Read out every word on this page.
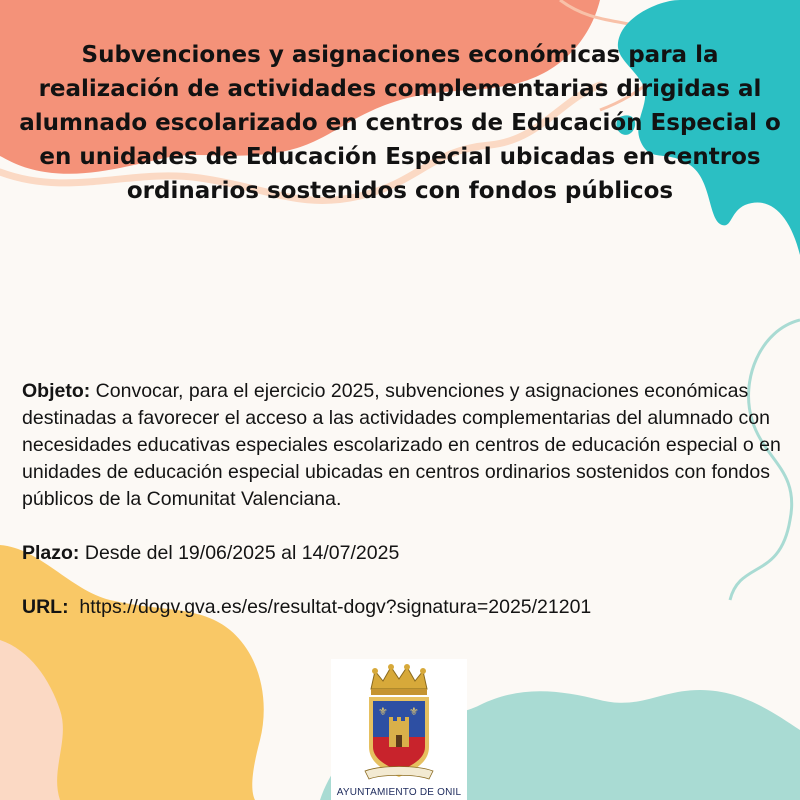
Subvenciones y asignaciones económicas para la realización de actividades complementarias dirigidas al alumnado escolarizado en centros de Educación Especial o en unidades de Educación Especial ubicadas en centros ordinarios sostenidos con fondos públicos

Objeto: Convocar, para el ejercicio 2025, subvenciones y asignaciones económicas destinadas a favorecer el acceso a las actividades complementarias del alumnado con necesidades educativas especiales escolarizado en centros de educación especial o en unidades de educación especial ubicadas en centros ordinarios sostenidos con fondos públicos de la Comunitat Valenciana.

Plazo: Desde del 19/06/2025 al 14/07/2025

URL:  https://dogv.gva.es/es/resultat-dogv?signatura=2025/21201

⚜ ⚜
AYUNTAMIENTO DE ONIL
